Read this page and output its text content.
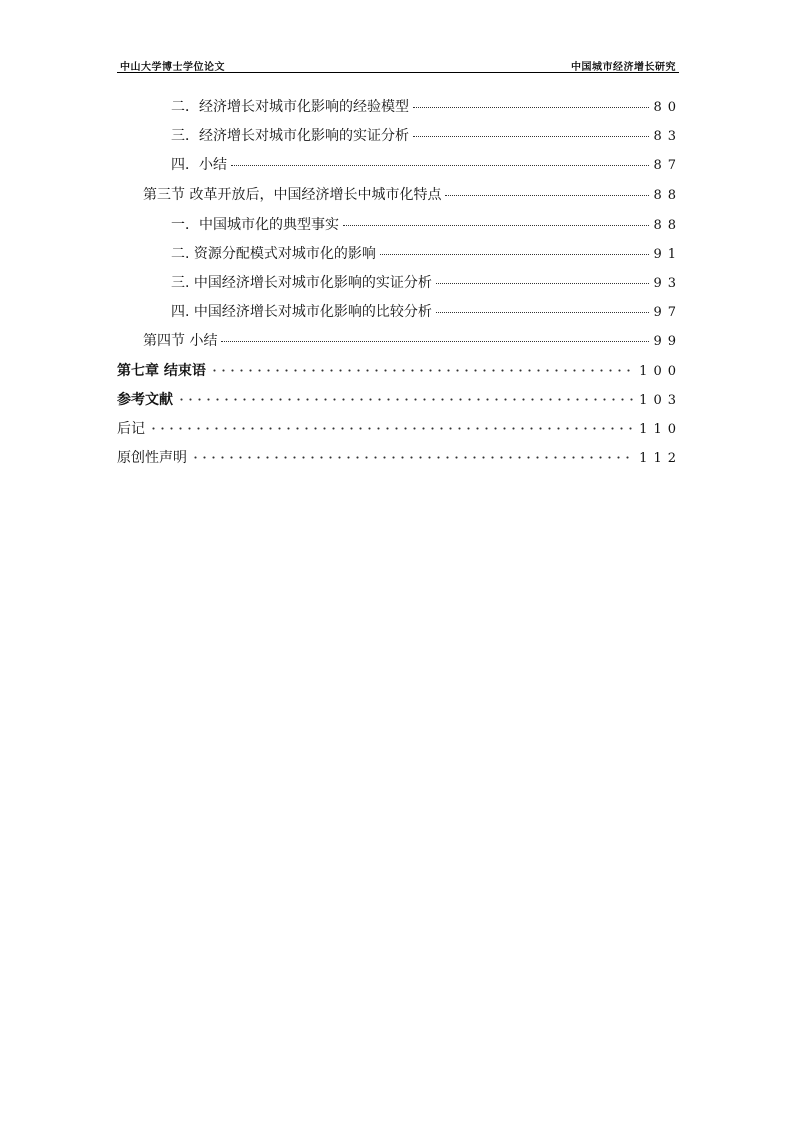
中山大学博士学位论文	中国城市经济增长研究
二．经济增长对城市化影响的经验模型	80
三．经济增长对城市化影响的实证分析	83
四．小结	87
第三节 改革开放后，中国经济增长中城市化特点	88
一．中国城市化的典型事实	88
二. 资源分配模式对城市化的影响	91
三. 中国经济增长对城市化影响的实证分析	93
四. 中国经济增长对城市化影响的比较分析	97
第四节 小结	99
第七章 结束语	100
参考文献	103
后记	110
原创性声明	112
